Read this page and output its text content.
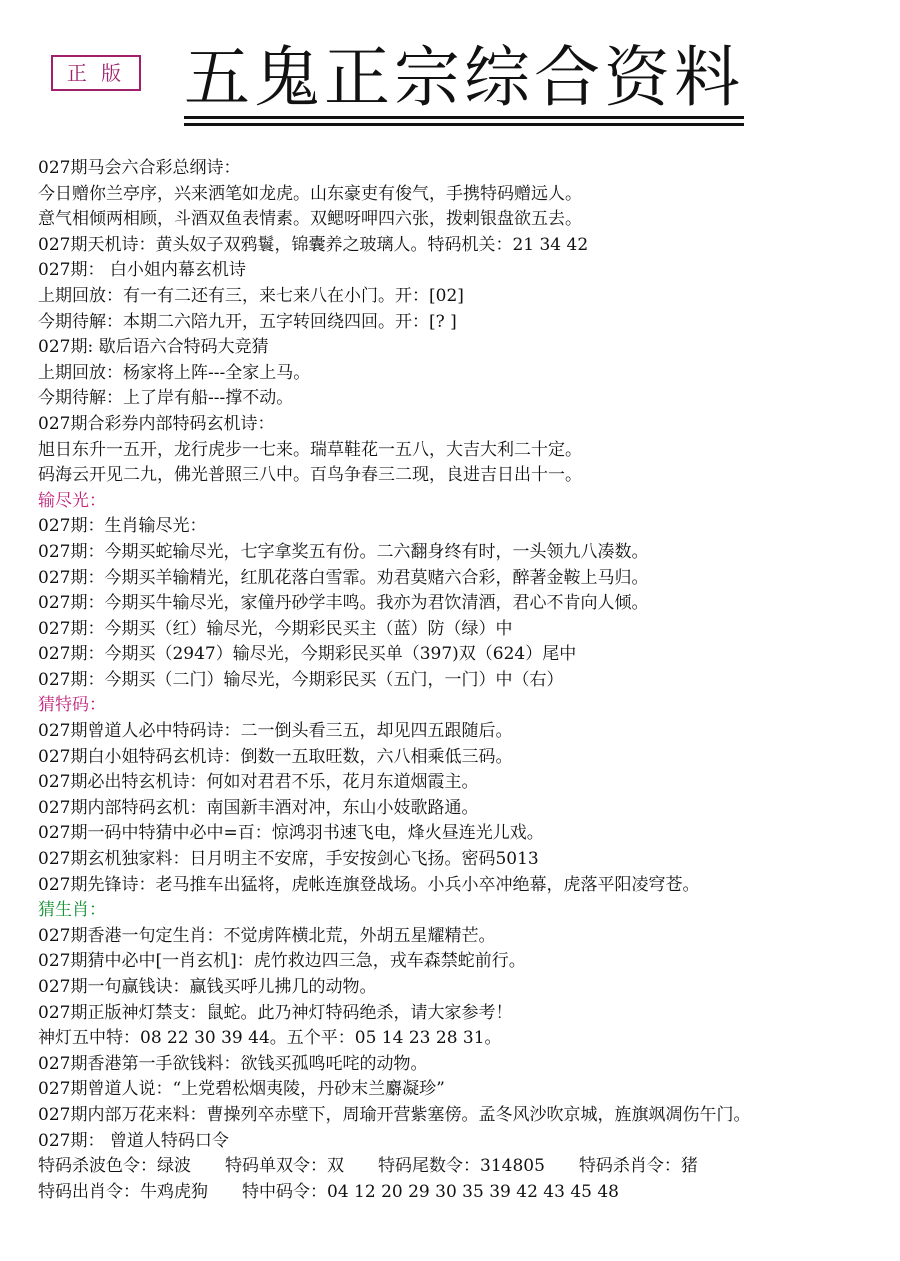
正 版 五鬼正宗综合资料
027期马会六合彩总纲诗：
今日赠你兰亭序，兴来洒笔如龙虎。山东豪吏有俊气，手携特码赠远人。
意气相倾两相顾，斗酒双鱼表情素。双鳃呀呷四六张，拨剌银盘欲五去。
027期天机诗：黄头奴子双鸦鬟，锦囊养之玻璃人。特码机关：21 34 42
027期： 白小姐内幕玄机诗
上期回放：有一有二还有三，来七来八在小门。开：[02]
今期待解：本期二六陪九开，五字转回绕四回。开：[? ]
027期: 歇后语六合特码大竞猜
上期回放：杨家将上阵---全家上马。
今期待解：上了岸有船---撑不动。
027期合彩券内部特码玄机诗：
旭日东升一五开，龙行虎步一七来。瑞草鞋花一五八，大吉大利二十定。
码海云开见二九，佛光普照三八中。百鸟争春三二现，良进吉日出十一。
输尽光：
027期：生肖输尽光：
027期：今期买蛇输尽光，七字拿奖五有份。二六翻身终有时，一头领九八凑数。
027期：今期买羊输精光，红肌花落白雪霏。劝君莫赌六合彩，醉著金鞍上马归。
027期：今期买牛输尽光，家僮丹砂学丰鸣。我亦为君饮清酒，君心不肯向人倾。
027期：今期买（红）输尽光，今期彩民买主（蓝）防（绿）中
027期：今期买（2947）输尽光，今期彩民买单（397)双（624）尾中
027期：今期买（二门）输尽光，今期彩民买（五门，一门）中（右）
猜特码：
027期曾道人必中特码诗：二一倒头看三五，却见四五跟随后。
027期白小姐特码玄机诗：倒数一五取旺数，六八相乘低三码。
027期必出特玄机诗：何如对君君不乐，花月东道烟霞主。
027期内部特码玄机：南国新丰酒对冲，东山小妓歌路通。
027期一码中特猜中必中=百：惊鸿羽书速飞电，烽火昼连光儿戏。
027期玄机独家料：日月明主不安席，手安按剑心飞扬。密码5013
027期先锋诗：老马推车出猛将，虎帐连旗登战场。小兵小卒冲绝幕，虎落平阳凌穹苍。
猜生肖：
027期香港一句定生肖：不觉虏阵横北荒，外胡五星耀精芒。
027期猜中必中[一肖玄机]：虎竹救边四三急，戎车森禁蛇前行。
027期一句赢钱诀：赢钱买呼儿拂几的动物。
027期正版神灯禁支：鼠蛇。此乃神灯特码绝杀，请大家参考！
神灯五中特：08 22 30 39 44。五个平：05 14 23 28 31。
027期香港第一手欲钱料：欲钱买孤鸣吒咤的动物。
027期曾道人说：“上党碧松烟夷陵，丹砂末兰麝凝珍”
027期内部万花来料：曹操列卒赤壁下，周瑜开营紫塞傍。孟冬风沙吹京城，旌旗飒凋伤午门。
027期： 曾道人特码口令
特码杀波色令：绿波　　特码单双令：双　　特码尾数令：314805　　特码杀肖令：猪
特码出肖令：牛鸡虎狗　　特中码令：04 12 20 29 30 35 39 42 43 45 48
